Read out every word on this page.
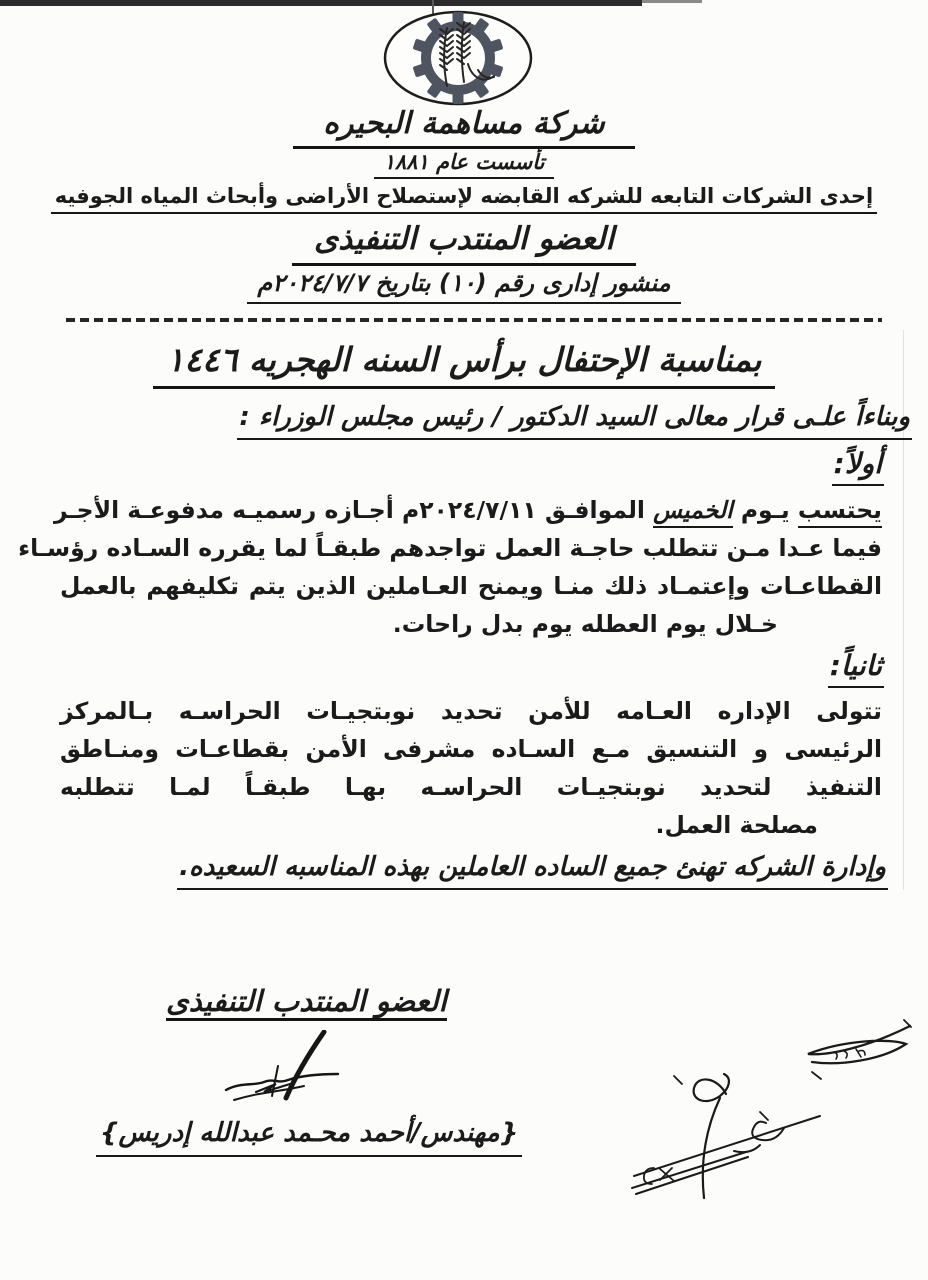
شركة مساهمة البحيره
تأسست عام ١٨٨١
إحدى الشركات التابعه للشركه القابضه لإستصلاح الأراضى وأبحاث المياه الجوفيه
العضو المنتدب التنفيذى
منشور إدارى رقم (١٠) بتاريخ ٢٠٢٤/٧/٧م
بمناسبة الإحتفال برأس السنه الهجريه ١٤٤٦
وبناءاً علـى قرار معالى السيد الدكتور / رئيس مجلس الوزراء :
أولاً:
يحتسب يـوم الخميس الموافـق ٢٠٢٤/٧/١١م أجـازه رسميـه مدفوعـة الأجـر
فيما عـدا مـن تتطلب حاجـة العمل تواجدهم طبقـاً لما يقرره السـاده رؤسـاء
القطاعـات وإعتمـاد ذلك منـا ويمنح العـاملين الذين يتم تكليفهم بالعمل
خـلال يوم العطله يوم بدل راحات.
ثانياً:
تتولى الإداره العـامه للأمن تحديد نوبتجيـات الحراسـه بـالمركز
الرئيسى و التنسيق مـع السـاده مشرفى الأمن بقطاعـات ومنـاطق
التنفيذ لتحديد نوبتجيـات الحراسـه بهـا طبقـاً لمـا تتطلبه
مصلحة العمل.
وإدارة الشركه تهنئ جميع الساده العاملين بهذه المناسبه السعيده.
العضو المنتدب التنفيذى
{مهندس/أحمد محـمد عبدالله إدريس}
